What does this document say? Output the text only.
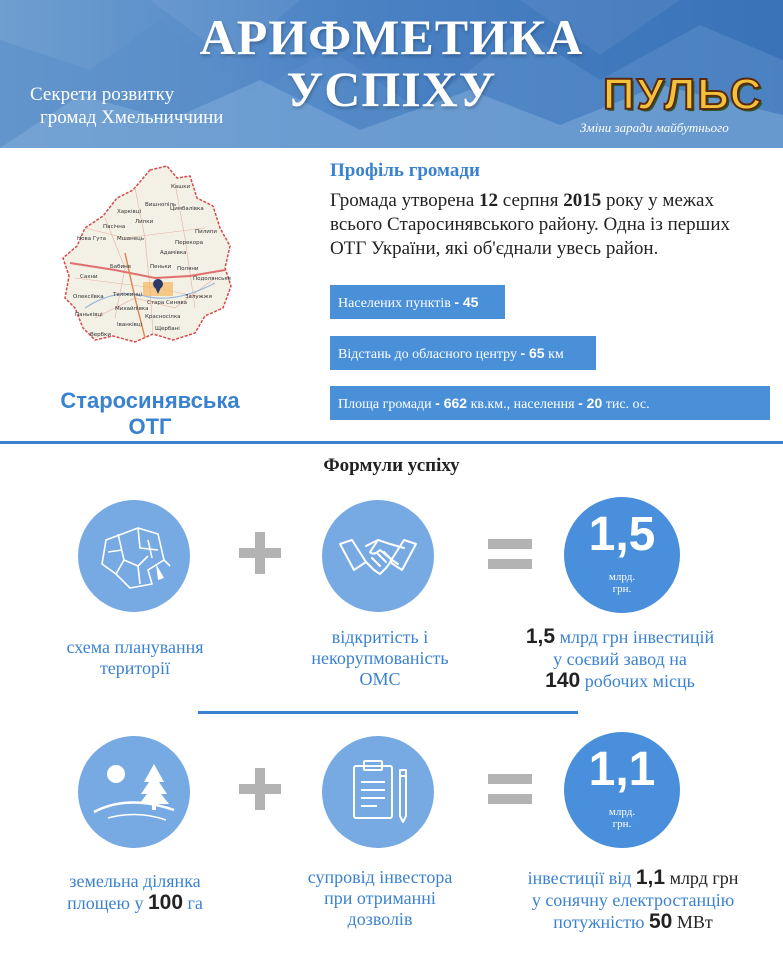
АРИФМЕТИКА
УСПІХУ
Секрети розвитку
громад Хмельниччини	ПУЛЬС
Зміни заради майбутнього
Кашки
Харківці	Цимбалівка
Вишнопіль
Пасічна
Липки
Нова Гута Мшанець
Пилипи
Перекора
Адамівка
Бабине	Пеньки Поляни
Подолянське
Олексіївка Теліжинці
Стара Синява
Сахни
Красносілка
Михайлівка
Паньківці
Іванківці
Щербані
Вербки
Залужжя
Старосинявська
ОТГ
Профіль громади
Громада утворена 12 серпня 2015 року у межах всього Старосинявського району. Одна із перших ОТГ України, які об'єднали увесь район.
Населених пунктів - 45
Відстань до обласного центру - 65 км
Площа громади - 662 кв.км., населення - 20 тис. ос.
Формули успіху
1,5
млрд.
грн.
схема планування
території
відкритість і
некорупмованість
ОМС
1,5 млрд грн інвестицій
у соєвий завод на
140 робочих місць
1,1
млрд.
грн.
земельна ділянка
площею у 100 га
супровід інвестора
при отриманні
дозволів
інвестиції від 1,1 млрд грн
у сонячну електростанцію
потужністю 50 МВт
